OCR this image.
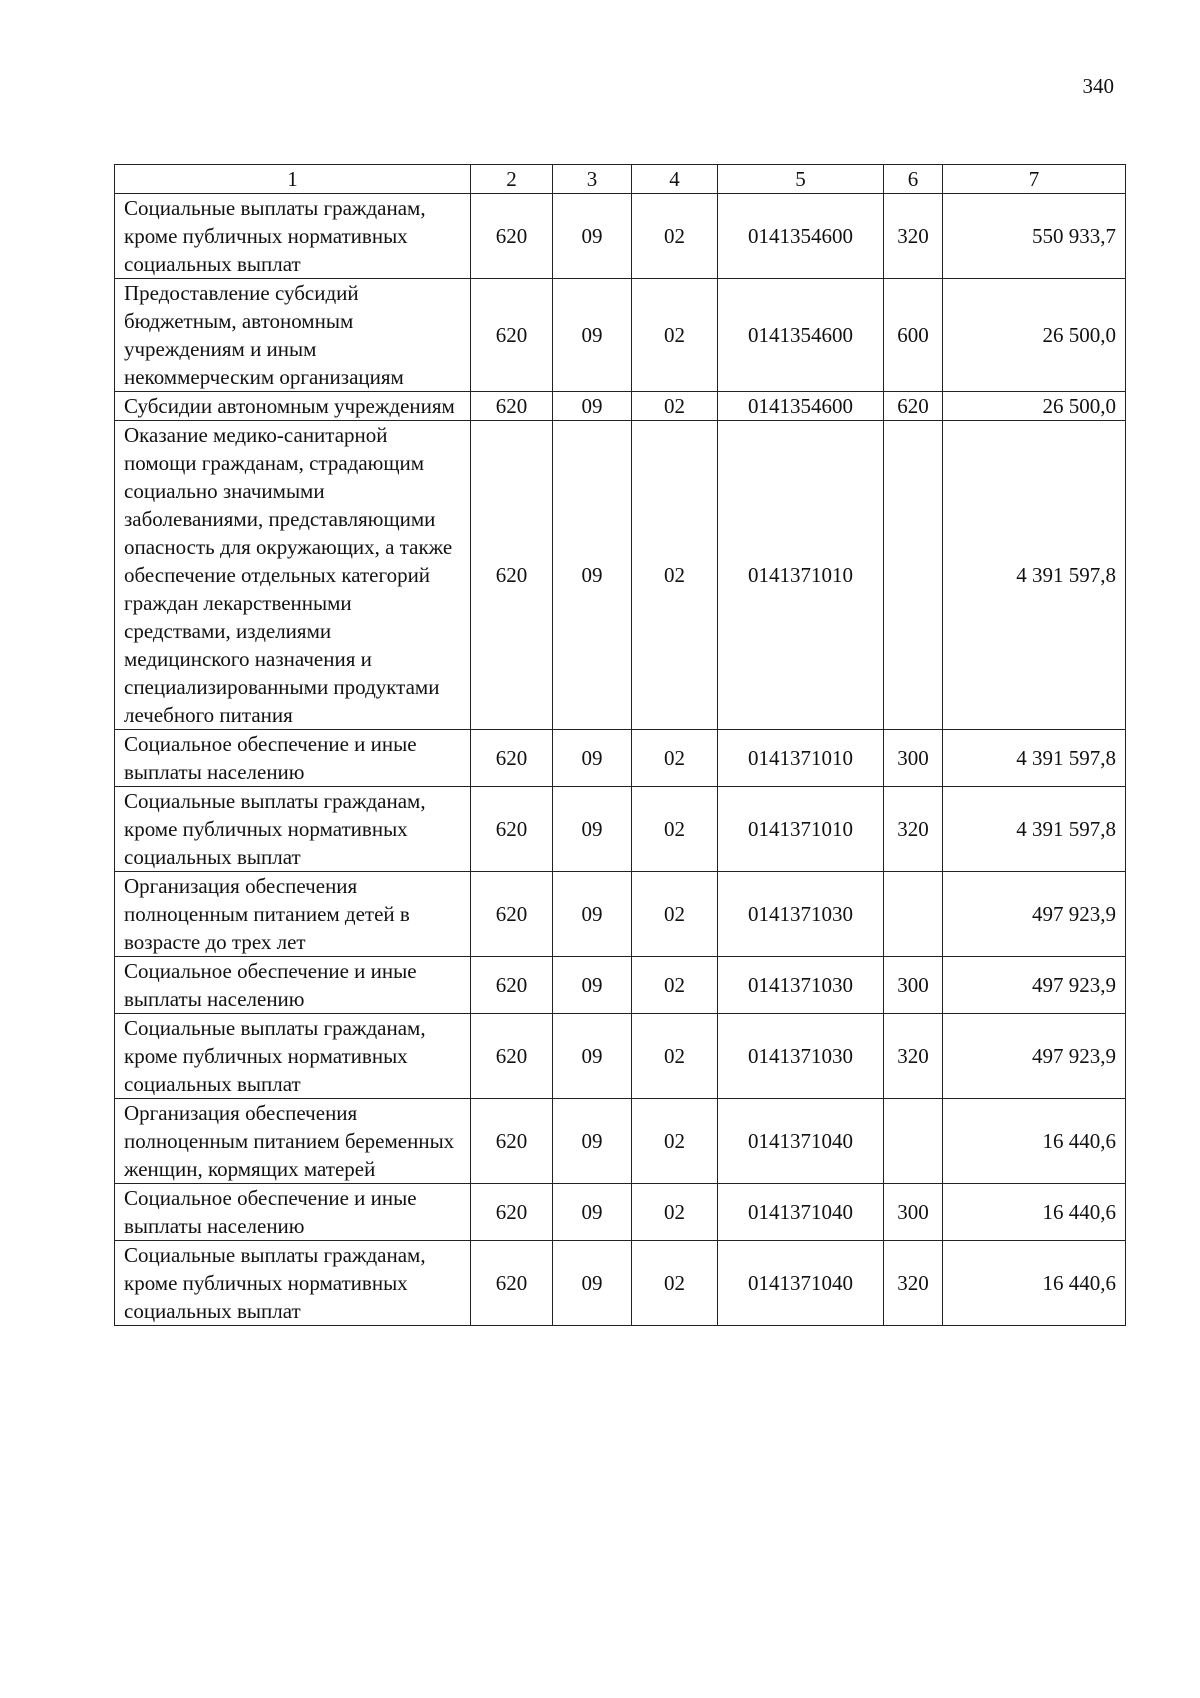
340
1	2	3	4	5	6	7
Социальные выплаты гражданам, кроме публичных нормативных социальных выплат	620	09	02	0141354600	320	550 933,7
Предоставление субсидий бюджетным, автономным учреждениям и иным некоммерческим организациям	620	09	02	0141354600	600	26 500,0
Субсидии автономным учреждениям	620	09	02	0141354600	620	26 500,0
Оказание медико-санитарной помощи гражданам, страдающим социально значимыми заболеваниями, представляющими опасность для окружающих, а также обеспечение отдельных категорий граждан лекарственными средствами, изделиями медицинского назначения и специализированными продуктами лечебного питания	620	09	02	0141371010		4 391 597,8
Социальное обеспечение и иные выплаты населению	620	09	02	0141371010	300	4 391 597,8
Социальные выплаты гражданам, кроме публичных нормативных социальных выплат	620	09	02	0141371010	320	4 391 597,8
Организация обеспечения полноценным питанием детей в возрасте до трех лет	620	09	02	0141371030		497 923,9
Социальное обеспечение и иные выплаты населению	620	09	02	0141371030	300	497 923,9
Социальные выплаты гражданам, кроме публичных нормативных социальных выплат	620	09	02	0141371030	320	497 923,9
Организация обеспечения полноценным питанием беременных женщин, кормящих матерей	620	09	02	0141371040		16 440,6
Социальное обеспечение и иные выплаты населению	620	09	02	0141371040	300	16 440,6
Социальные выплаты гражданам, кроме публичных нормативных социальных выплат	620	09	02	0141371040	320	16 440,6
